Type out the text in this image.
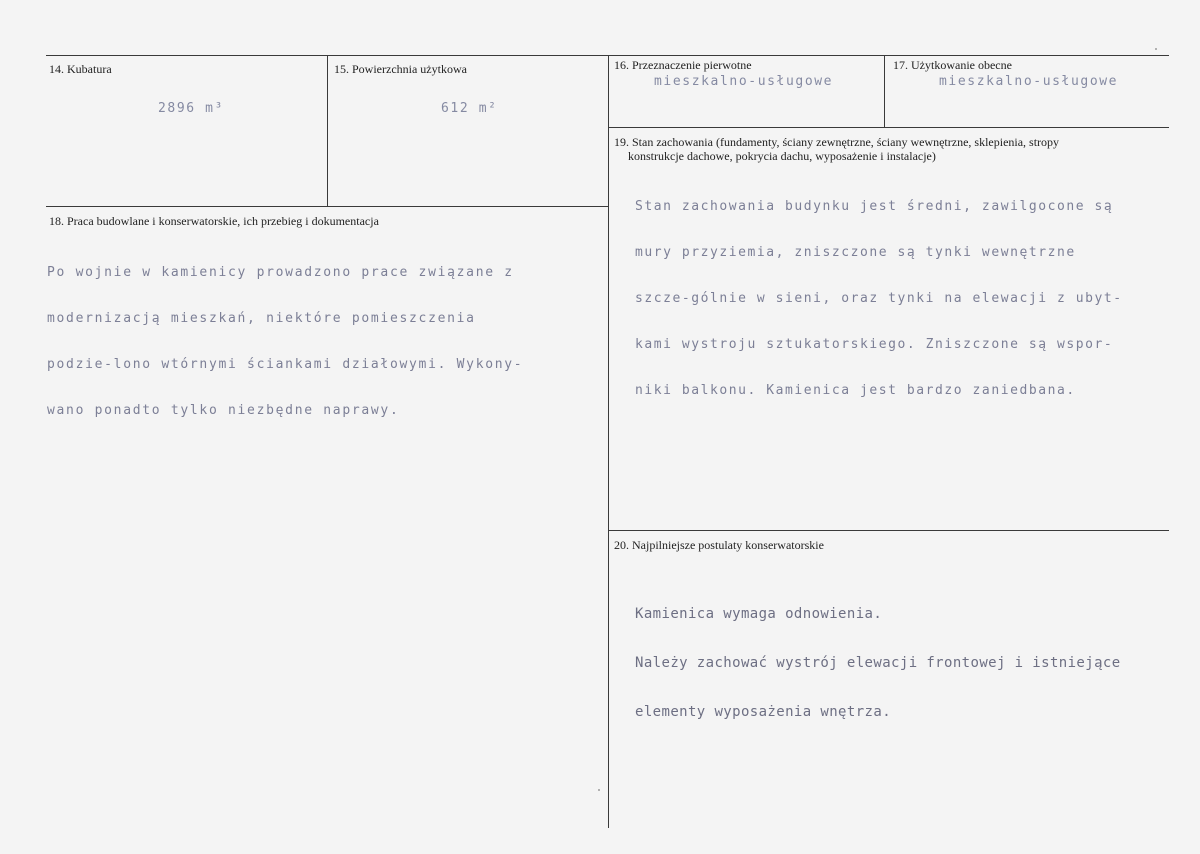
14. Kubatura
2896 m³
15. Powierzchnia użytkowa
612 m²
16. Przeznaczenie pierwotne
mieszkalno-usługowe
17. Użytkowanie obecne
mieszkalno-usługowe
19. Stan zachowania (fundamenty, ściany zewnętrzne, ściany wewnętrzne, sklepienia, stropy
konstrukcje dachowe, pokrycia dachu, wyposażenie i instalacje)

Stan zachowania budynku jest średni, zawilgocone są

mury przyziemia, zniszczone są tynki wewnętrzne

szcze-gólnie w sieni, oraz tynki na elewacji z ubyt-

kami wystroju sztukatorskiego. Zniszczone są wspor-

niki balkonu. Kamienica jest bardzo zaniedbana.

18. Praca budowlane i konserwatorskie, ich przebieg i dokumentacja

Po wojnie w kamienicy prowadzono prace związane z

modernizacją mieszkań, niektóre pomieszczenia

podzie-lono wtórnymi ściankami działowymi. Wykony-

wano ponadto tylko niezbędne naprawy.

20. Najpilniejsze postulaty konserwatorskie

Kamienica wymaga odnowienia.

Należy zachować wystrój elewacji frontowej i istniejące

elementy wyposażenia wnętrza.
